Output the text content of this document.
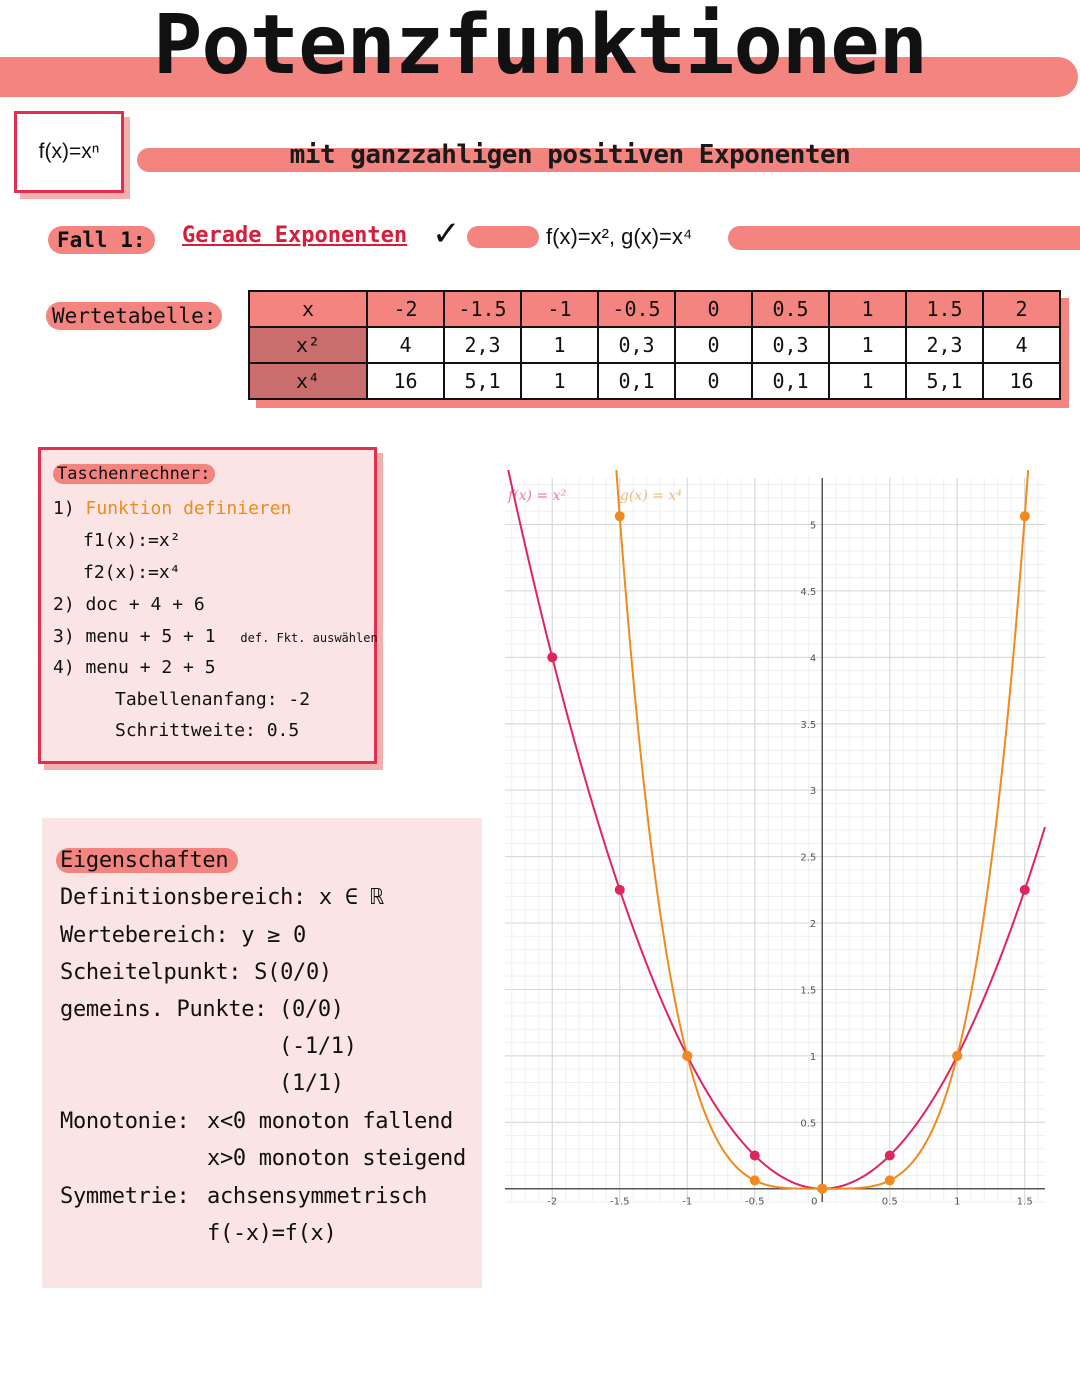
Potenzfunktionen
f(x)=xⁿ	mit ganzzahligen positiven Exponenten
Fall 1:	Gerade Exponenten ✓	f(x)=x², g(x)=x⁴
Wertetabelle:	x	-2	-1.5	-1	-0.5	0	0.5	1	1.5	2
x²	4	2,3	1	0,3	0	0,3	1	2,3	4
x⁴	16	5,1	1	0,1	0	0,1	1	5,1	16
Taschenrechner:
1) Funktion definieren
f1(x):=x²
f2(x):=x⁴
2) doc + 4 + 6
3) menu + 5 + 1 def. Fkt. auswählen
4) menu + 2 + 5
Tabellenanfang: -2
Schrittweite: 0.5
Eigenschaften
Definitionsbereich: x ∈ ℝ
Wertebereich: y ≥ 0
Scheitelpunkt: S(0/0)
gemeins. Punkte: (0/0)
(-1/1)
(1/1)
Monotonie: x<0 monoton fallend
x>0 monoton steigend
Symmetrie: achsensymmetrisch
f(-x)=f(x)
-2	-1.5	-1	-0.5	0	0.5	1	1.5
0.5
1
1.5
2
2.5
3
3.5
4
4.5
5
f(x) = x²	g(x) = x⁴
